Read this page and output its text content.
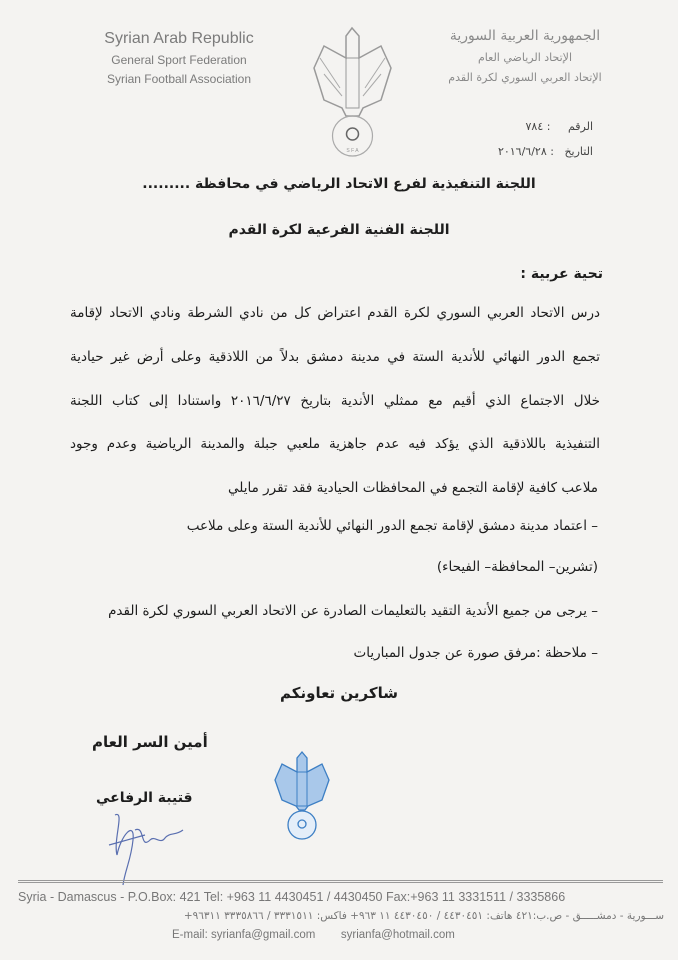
Syrian Arab Republic
General Sport Federation
Syrian Football Association
S F A
الجمهورية العربية السورية
الإتحاد الرياضي العام
الإتحاد العربي السوري لكرة القدم
الرقم     : ٧٨٤
التاريخ   : ٢٠١٦/٦/٢٨
اللجنة التنفيذية لفرع الاتحاد الرياضي في محافظة .........
اللجنة الفنية الفرعية لكرة القدم
تحية عربية :
درس الاتحاد العربي السوري لكرة القدم اعتراض كل من نادي الشرطة ونادي الاتحاد لإقامة
تجمع الدور النهائي للأندية الستة في مدينة دمشق بدلاً من اللاذقية وعلى أرض غير حيادية
خلال الاجتماع الذي أقيم مع ممثلي الأندية بتاريخ ٢٠١٦/٦/٢٧ واستنادا إلى كتاب اللجنة
التنفيذية باللاذقية الذي يؤكد فيه عدم جاهزية ملعبي جبلة والمدينة الرياضية وعدم وجود
ملاعب كافية لإقامة التجمع في المحافظات الحيادية فقد تقرر مايلي
– اعتماد مدينة دمشق لإقامة تجمع الدور النهائي للأندية الستة وعلى ملاعب
(تشرين– المحافظة– الفيحاء)
– يرجى من جميع الأندية التقيد بالتعليمات الصادرة عن الاتحاد العربي السوري لكرة القدم
– ملاحظة :مرفق صورة عن جدول المباريات
شاكرين تعاونكم
أمين السر العام
قتيبة الرفاعي
Syria - Damascus - P.O.Box: 421 Tel: +963 11 4430451 / 4430450 Fax:+963 11 3331511 / 3335866
ســـورية - دمشـــــق - ص.ب:٤٢١ هاتف: ٤٤٣٠٤٥١ / ٤٤٣٠٤٥٠ ١١ ٩٦٣+ فاكس: ٣٣٣١٥١١ / ٣٣٣٥٨٦٦ ٩٦٣١١+
E-mail: syrianfa@gmail.com syrianfa@hotmail.com
